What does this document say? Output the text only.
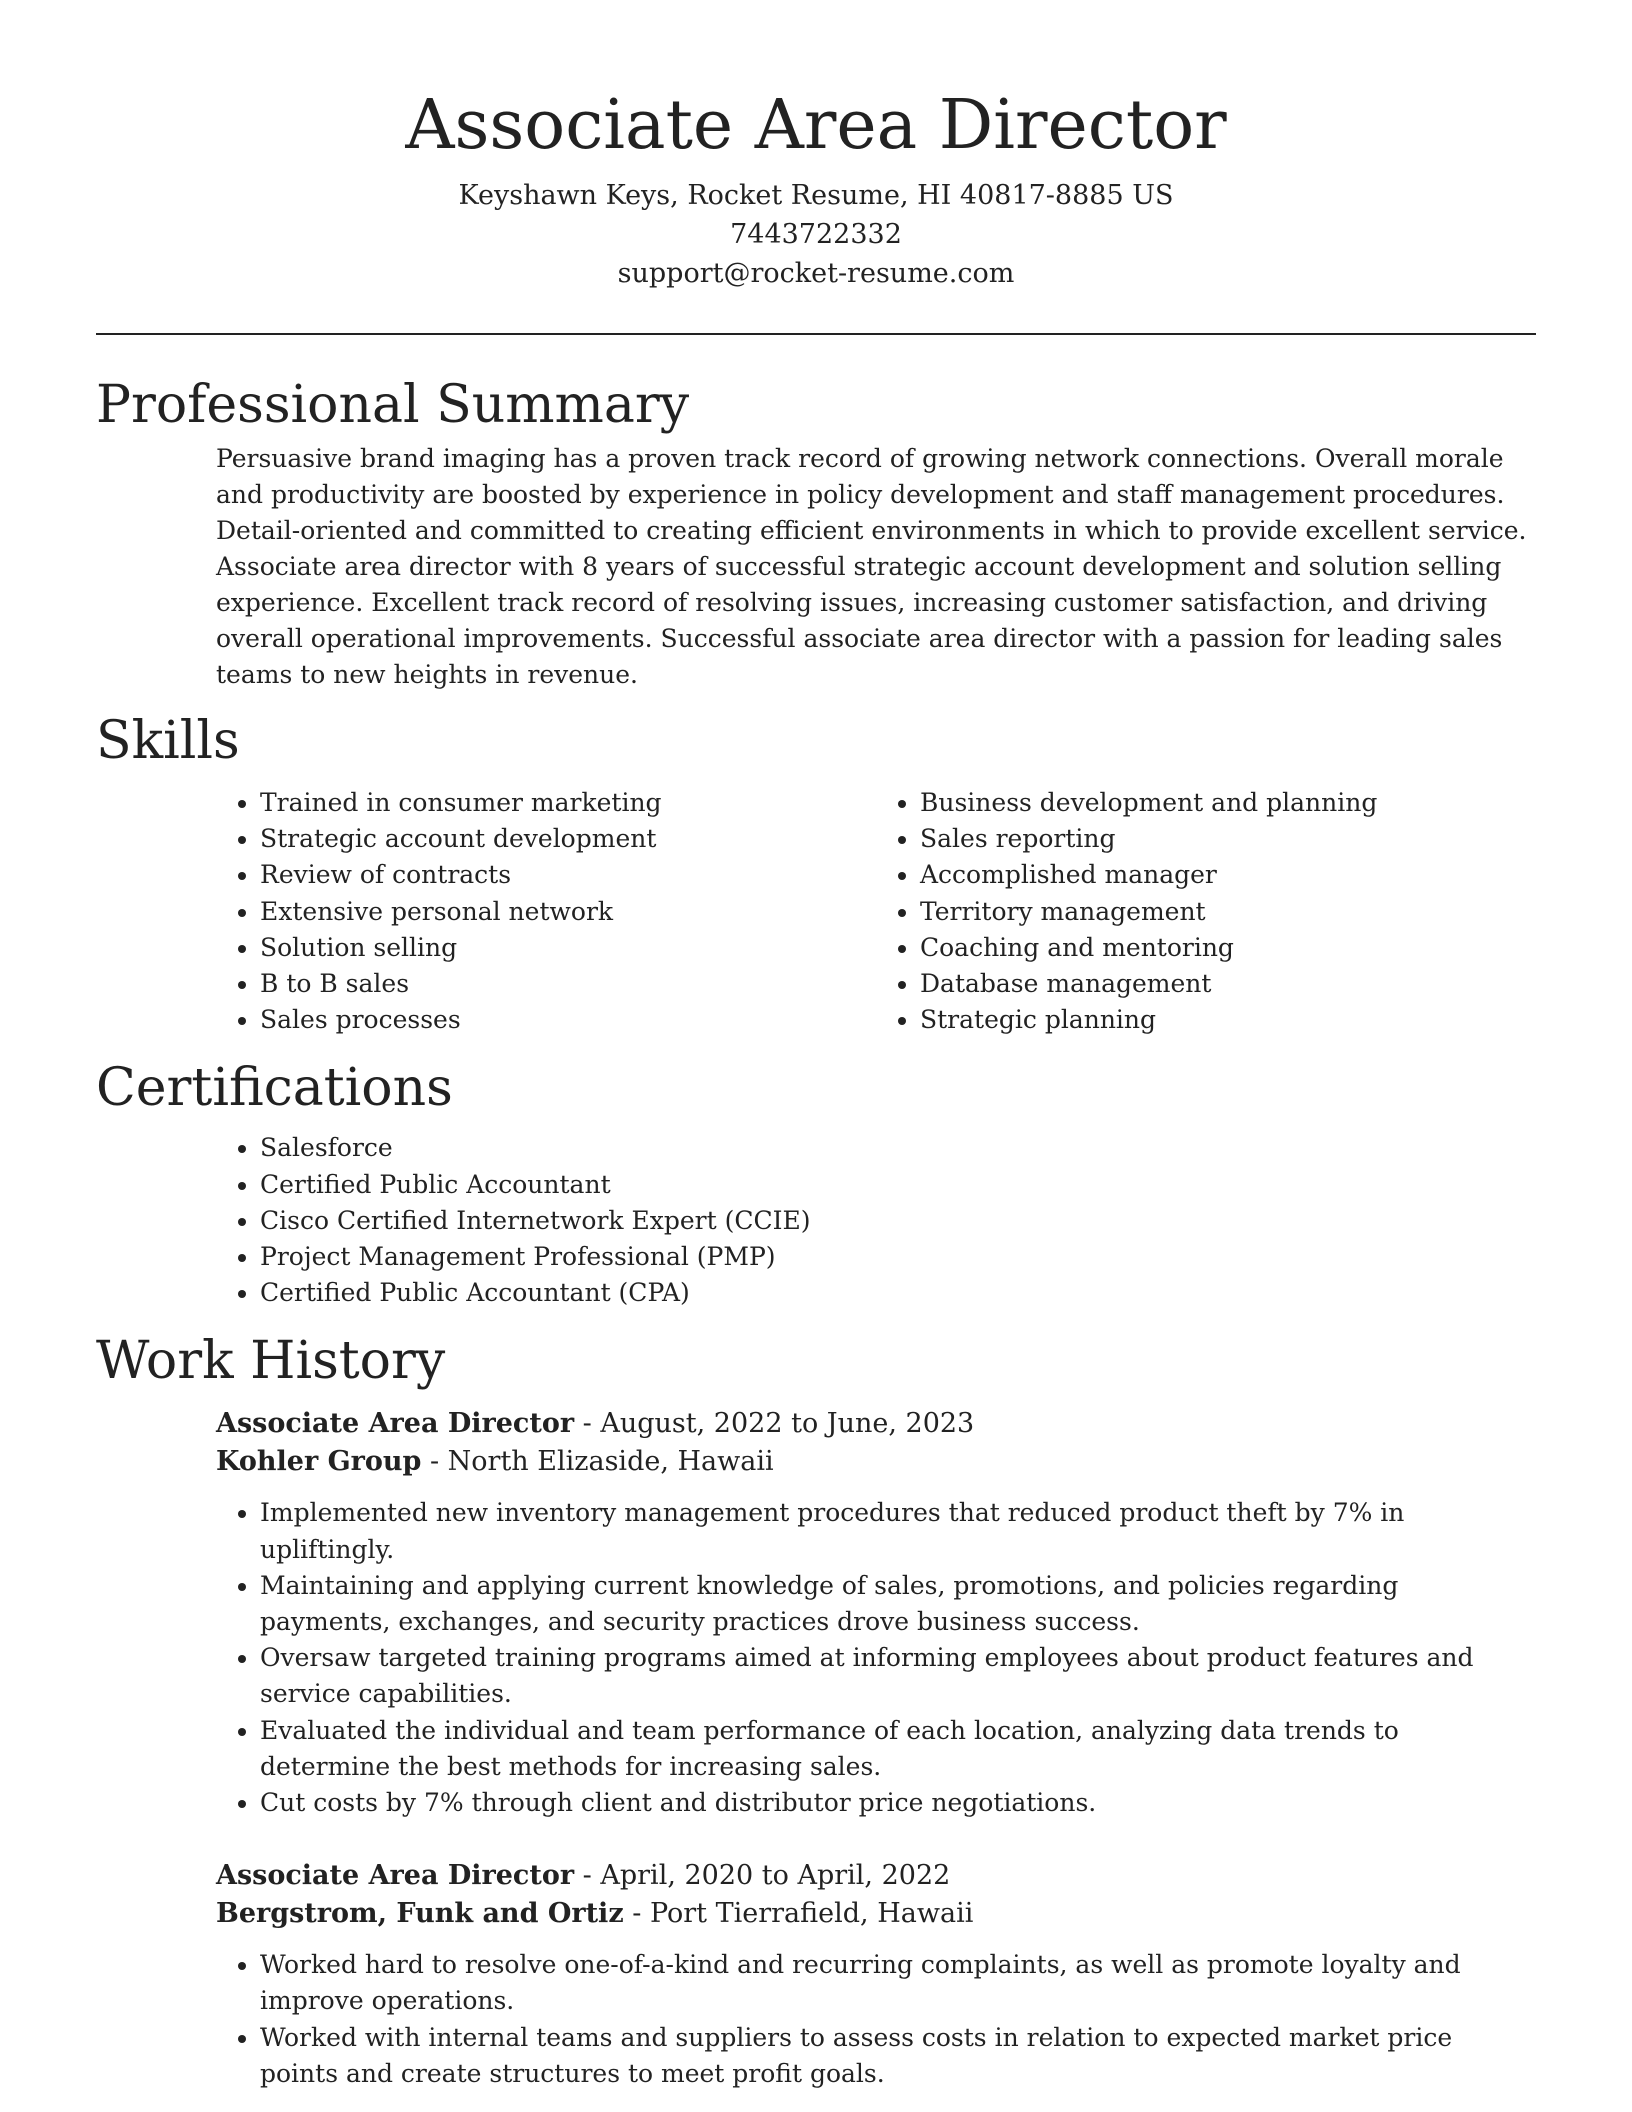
Associate Area Director
Keyshawn Keys, Rocket Resume, HI 40817-8885 US
7443722332
support@rocket-resume.com
Professional Summary
Persuasive brand imaging has a proven track record of growing network connections. Overall morale and productivity are boosted by experience in policy development and staff management procedures. Detail-oriented and committed to creating efficient environments in which to provide excellent service. Associate area director with 8 years of successful strategic account development and solution selling experience. Excellent track record of resolving issues, increasing customer satisfaction, and driving overall operational improvements. Successful associate area director with a passion for leading sales teams to new heights in revenue.
Skills
• Trained in consumer marketing
• Strategic account development
• Review of contracts
• Extensive personal network
• Solution selling
• B to B sales
• Sales processes
• Business development and planning
• Sales reporting
• Accomplished manager
• Territory management
• Coaching and mentoring
• Database management
• Strategic planning
Certifications
• Salesforce
• Certified Public Accountant
• Cisco Certified Internetwork Expert (CCIE)
• Project Management Professional (PMP)
• Certified Public Accountant (CPA)
Work History
Associate Area Director - August, 2022 to June, 2023
Kohler Group - North Elizaside, Hawaii
• Implemented new inventory management procedures that reduced product theft by 7% in upliftingly.
• Maintaining and applying current knowledge of sales, promotions, and policies regarding payments, exchanges, and security practices drove business success.
• Oversaw targeted training programs aimed at informing employees about product features and service capabilities.
• Evaluated the individual and team performance of each location, analyzing data trends to determine the best methods for increasing sales.
• Cut costs by 7% through client and distributor price negotiations.
Associate Area Director - April, 2020 to April, 2022
Bergstrom, Funk and Ortiz - Port Tierrafield, Hawaii
• Worked hard to resolve one-of-a-kind and recurring complaints, as well as promote loyalty and improve operations.
• Worked with internal teams and suppliers to assess costs in relation to expected market price points and create structures to meet profit goals.
